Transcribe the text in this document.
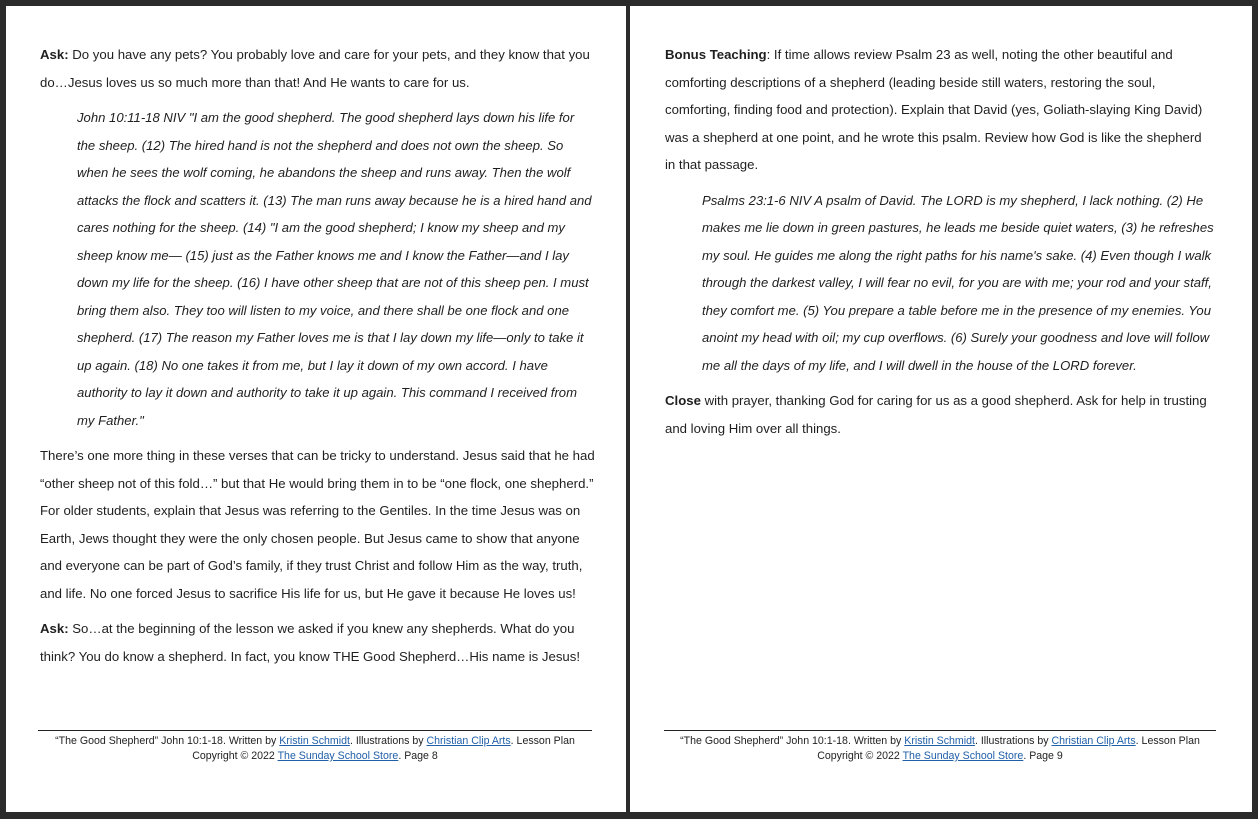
Ask: Do you have any pets? You probably love and care for your pets, and they know that you do…Jesus loves us so much more than that! And He wants to care for us.

John 10:11-18 NIV "I am the good shepherd. The good shepherd lays down his life for the sheep. (12) The hired hand is not the shepherd and does not own the sheep. So when he sees the wolf coming, he abandons the sheep and runs away. Then the wolf attacks the flock and scatters it. (13) The man runs away because he is a hired hand and cares nothing for the sheep. (14) "I am the good shepherd; I know my sheep and my sheep know me— (15) just as the Father knows me and I know the Father—and I lay down my life for the sheep. (16) I have other sheep that are not of this sheep pen. I must bring them also. They too will listen to my voice, and there shall be one flock and one shepherd. (17) The reason my Father loves me is that I lay down my life—only to take it up again. (18) No one takes it from me, but I lay it down of my own accord. I have authority to lay it down and authority to take it up again. This command I received from my Father."

There’s one more thing in these verses that can be tricky to understand. Jesus said that he had “other sheep not of this fold…” but that He would bring them in to be “one flock, one shepherd.” For older students, explain that Jesus was referring to the Gentiles. In the time Jesus was on Earth, Jews thought they were the only chosen people. But Jesus came to show that anyone and everyone can be part of God’s family, if they trust Christ and follow Him as the way, truth, and life. No one forced Jesus to sacrifice His life for us, but He gave it because He loves us!

Ask: So…at the beginning of the lesson we asked if you knew any shepherds. What do you think? You do know a shepherd. In fact, you know THE Good Shepherd…His name is Jesus!

“The Good Shepherd” John 10:1-18. Written by Kristin Schmidt. Illustrations by Christian Clip Arts. Lesson Plan
Copyright © 2022 The Sunday School Store. Page 8

Bonus Teaching: If time allows review Psalm 23 as well, noting the other beautiful and comforting descriptions of a shepherd (leading beside still waters, restoring the soul, comforting, finding food and protection). Explain that David (yes, Goliath-slaying King David) was a shepherd at one point, and he wrote this psalm. Review how God is like the shepherd in that passage.

Psalms 23:1-6 NIV A psalm of David. The LORD is my shepherd, I lack nothing. (2) He makes me lie down in green pastures, he leads me beside quiet waters, (3) he refreshes my soul. He guides me along the right paths for his name's sake. (4) Even though I walk through the darkest valley, I will fear no evil, for you are with me; your rod and your staff, they comfort me. (5) You prepare a table before me in the presence of my enemies. You anoint my head with oil; my cup overflows. (6) Surely your goodness and love will follow me all the days of my life, and I will dwell in the house of the LORD forever.

Close with prayer, thanking God for caring for us as a good shepherd. Ask for help in trusting and loving Him over all things.

“The Good Shepherd” John 10:1-18. Written by Kristin Schmidt. Illustrations by Christian Clip Arts. Lesson Plan
Copyright © 2022 The Sunday School Store. Page 9
